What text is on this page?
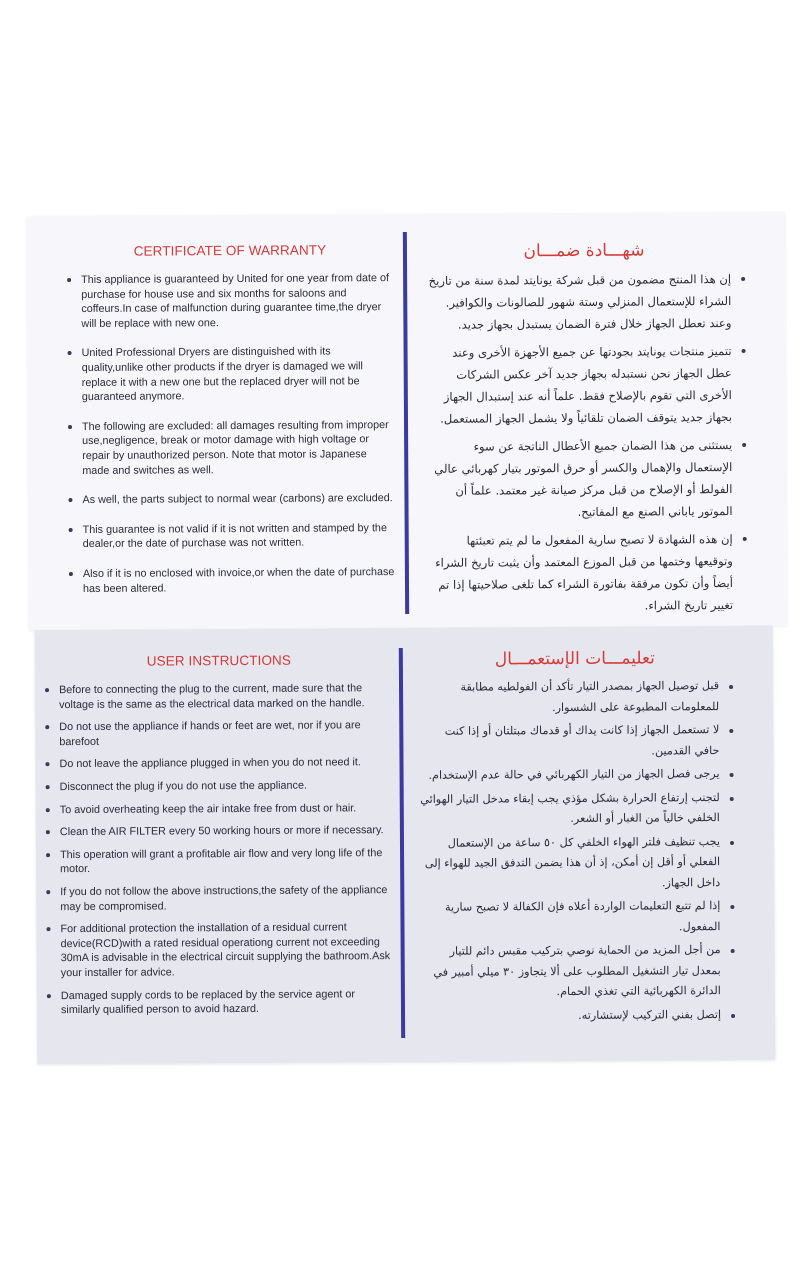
CERTIFICATE OF WARRANTY
This appliance is guaranteed by United for one year from date of purchase for house use and six months for saloons and coffeurs.In case of malfunction during guarantee time,the dryer will be replace with new one.
United Professional Dryers are distinguished with its quality,unlike other products if the dryer is damaged we will replace it with a new one but the replaced dryer will not be guaranteed anymore.
The following are excluded: all damages resulting from improper use,negligence, break or motor damage with high voltage or repair by unauthorized person. Note that motor is Japanese made and switches as well.
As well, the parts subject to normal wear (carbons) are excluded.
This guarantee is not valid if it is not written and stamped by the dealer,or the date of purchase was not written.
Also if it is no enclosed with invoice,or when the date of purchase has been altered.
شهـــادة ضمـــان
إن هذا المنتج مضمون من قبل شركة يونايتد لمدة سنة من تاريخ الشراء للإستعمال المنزلي وستة شهور للصالونات والكوافير. وعند تعطل الجهاز خلال فترة الضمان يستبدل بجهاز جديد.
تتميز منتجات يونايتد بجودتها عن جميع الأجهزة الأخرى وعند عطل الجهاز نحن نستبدله بجهاز جديد آخر عكس الشركات الأخرى التي تقوم بالإصلاح فقط. علماً أنه عند إستبدال الجهاز بجهاز جديد يتوقف الضمان تلقائياً ولا يشمل الجهاز المستعمل.
يستثنى من هذا الضمان جميع الأعطال الناتجة عن سوء الإستعمال والإهمال والكسر أو حرق الموتور بتيار كهربائي عالي الفولط أو الإصلاح من قبل مركز صيانة غير معتمد. علماً أن الموتور ياباني الصنع مع المفاتيح.
إن هذه الشهادة لا تصبح سارية المفعول ما لم يتم تعبئتها وتوقيعها وختمها من قبل الموزع المعتمد وأن يثبت تاريخ الشراء أيضاً وأن تكون مرفقة بفاتورة الشراء كما تلغى صلاحيتها إذا تم تغيير تاريخ الشراء.
USER INSTRUCTIONS
Before to connecting the plug to the current, made sure that the voltage is the same as the electrical data marked on the handle.
Do not use the appliance if hands or feet are wet, nor if you are barefoot
Do not leave the appliance plugged in when you do not need it.
Disconnect the plug if you do not use the appliance.
To avoid overheating keep the air intake free from dust or hair.
Clean the AIR FILTER every 50 working hours or more if necessary.
This operation will grant a profitable air flow and very long life of the motor.
If you do not follow the above instructions,the safety of the appliance may be compromised.
For additional protection the installation of a residual current device(RCD)with a rated residual operationg current not exceeding 30mA is advisable in the electrical circuit supplying the bathroom.Ask your installer for advice.
Damaged supply cords to be replaced by the service agent or similarly qualified person to avoid hazard.
تعليمـــات الإستعمـــال
قبل توصيل الجهاز بمصدر التيار تأكد أن الفولطيه مطابقة للمعلومات المطبوعة على الشسوار.
لا تستعمل الجهاز إذا كانت يداك أو قدماك مبتلتان أو إذا كنت حافي القدمين.
يرجى فصل الجهاز من التيار الكهربائي في حالة عدم الإستخدام.
لتجنب إرتفاع الحرارة بشكل مؤذي يجب إبقاء مدخل التيار الهوائي الخلفي خالياً من الغبار أو الشعر.
يجب تنظيف فلتر الهواء الخلفي كل ٥٠ ساعة من الإستعمال الفعلي أو أقل إن أمكن، إذ أن هذا يضمن التدفق الجيد للهواء إلى داخل الجهاز.
إذا لم تتبع التعليمات الواردة أعلاه فإن الكفالة لا تصبح سارية المفعول.
من أجل المزيد من الحماية نوصي بتركيب مقبس دائم للتيار بمعدل تيار التشغيل المطلوب على ألا يتجاوز ٣٠ ميلي أمبير في الدائرة الكهربائية التي تغذي الحمام.
إتصل بفني التركيب لإستشارته.
